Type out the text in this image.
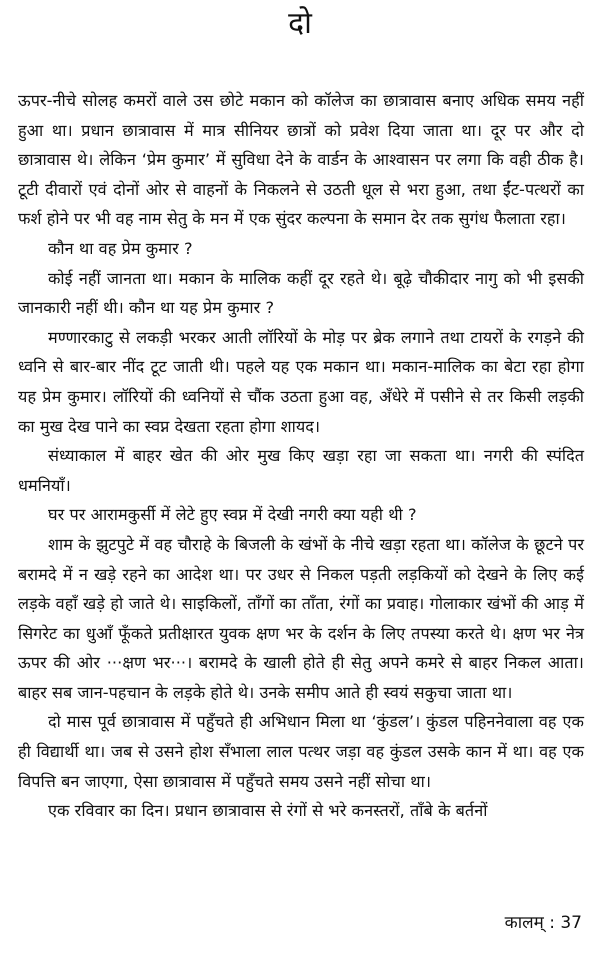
दो

ऊपर-नीचे सोलह कमरों वाले उस छोटे मकान को कॉलेज का छात्रावास बनाए अधिक समय नहीं हुआ था। प्रधान छात्रावास में मात्र सीनियर छात्रों को प्रवेश दिया जाता था। दूर पर और दो छात्रावास थे। लेकिन ‘प्रेम कुमार’ में सुविधा देने के वार्डन के आश्वासन पर लगा कि वही ठीक है। टूटी दीवारों एवं दोनों ओर से वाहनों के निकलने से उठती धूल से भरा हुआ, तथा ईंट-पत्थरों का फर्श होने पर भी वह नाम सेतु के मन में एक सुंदर कल्पना के समान देर तक सुगंध फैलाता रहा।

कौन था वह प्रेम कुमार ?

कोई नहीं जानता था। मकान के मालिक कहीं दूर रहते थे। बूढ़े चौकीदार नागु को भी इसकी जानकारी नहीं थी। कौन था यह प्रेम कुमार ?

मण्णारकाटु से लकड़ी भरकर आती लॉरियों के मोड़ पर ब्रेक लगाने तथा टायरों के रगड़ने की ध्वनि से बार-बार नींद टूट जाती थी। पहले यह एक मकान था। मकान-मालिक का बेटा रहा होगा यह प्रेम कुमार। लॉरियों की ध्वनियों से चौंक उठता हुआ वह, अँधेरे में पसीने से तर किसी लड़की का मुख देख पाने का स्वप्न देखता रहता होगा शायद।

संध्याकाल में बाहर खेत की ओर मुख किए खड़ा रहा जा सकता था। नगरी की स्पंदित धमनियाँ।

घर पर आरामकुर्सी में लेटे हुए स्वप्न में देखी नगरी क्या यही थी ?

शाम के झुटपुटे में वह चौराहे के बिजली के खंभों के नीचे खड़ा रहता था। कॉलेज के छूटने पर बरामदे में न खड़े रहने का आदेश था। पर उधर से निकल पड़ती लड़कियों को देखने के लिए कई लड़के वहाँ खड़े हो जाते थे। साइकिलों, ताँगों का ताँता, रंगों का प्रवाह। गोलाकार खंभों की आड़ में सिगरेट का धुआँ फूँकते प्रतीक्षारत युवक क्षण भर के दर्शन के लिए तपस्या करते थे। क्षण भर नेत्र ऊपर की ओर ···क्षण भर···। बरामदे के खाली होते ही सेतु अपने कमरे से बाहर निकल आता। बाहर सब जान-पहचान के लड़के होते थे। उनके समीप आते ही स्वयं सकुचा जाता था।

दो मास पूर्व छात्रावास में पहुँचते ही अभिधान मिला था ‘कुंडल’। कुंडल पहिननेवाला वह एक ही विद्यार्थी था। जब से उसने होश सँभाला लाल पत्थर जड़ा वह कुंडल उसके कान में था। वह एक विपत्ति बन जाएगा, ऐसा छात्रावास में पहुँचते समय उसने नहीं सोचा था।

एक रविवार का दिन। प्रधान छात्रावास से रंगों से भरे कनस्तरों, ताँबे के बर्तनों

कालम् : 37
